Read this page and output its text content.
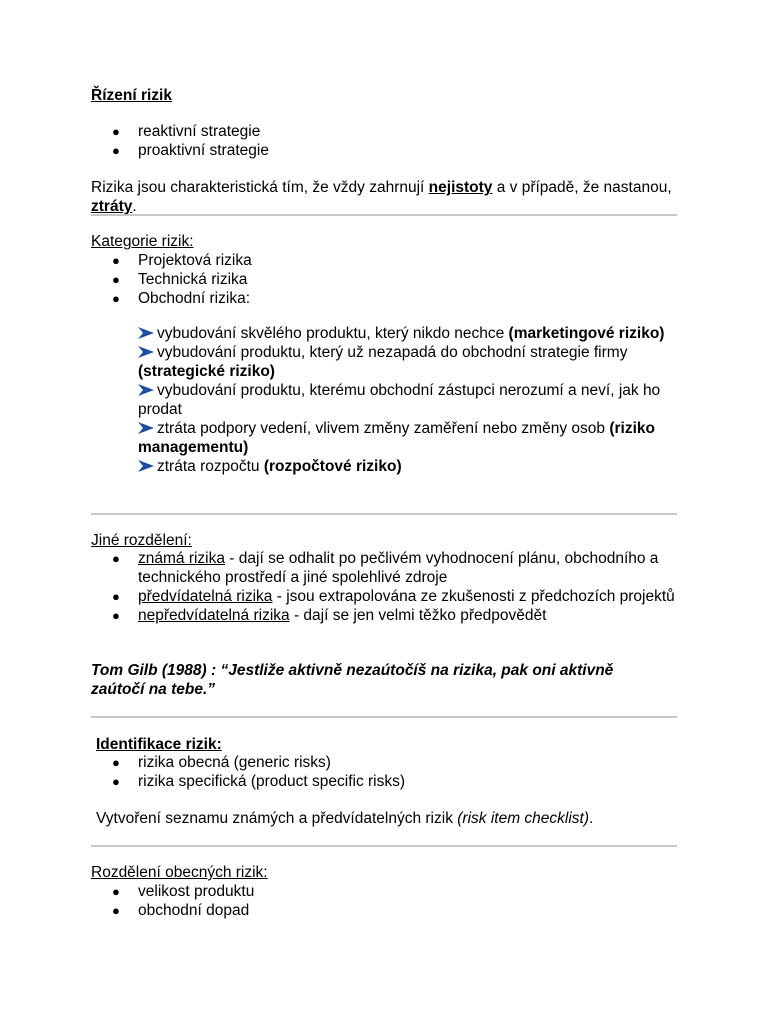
Řízení rizik
● reaktivní strategie
● proaktivní strategie
Rizika jsou charakteristická tím, že vždy zahrnují nejistoty a v případě, že nastanou, ztráty.
Kategorie rizik:
● Projektová rizika
● Technická rizika
● Obchodní rizika:
vybudování skvělého produktu, který nikdo nechce (marketingové riziko)
vybudování produktu, který už nezapadá do obchodní strategie firmy (strategické riziko)
vybudování produktu, kterému obchodní zástupci nerozumí a neví, jak ho prodat
ztráta podpory vedení, vlivem změny zaměření nebo změny osob (riziko managementu)
ztráta rozpočtu (rozpočtové riziko)
Jiné rozdělení:
● známá rizika - dají se odhalit po pečlivém vyhodnocení plánu, obchodního a technického prostředí a jiné spolehlivé zdroje
● předvídatelná rizika - jsou extrapolována ze zkušenosti z předchozích projektů
● nepředvídatelná rizika - dají se jen velmi těžko předpovědět
Tom Gilb (1988) : “Jestliže aktivně nezaútočíš na rizika, pak oni aktivně zaútočí na tebe.”
Identifikace rizik:
● rizika obecná (generic risks)
● rizika specifická (product specific risks)
Vytvoření seznamu známých a předvídatelných rizik (risk item checklist).
Rozdělení obecných rizik:
● velikost produktu
● obchodní dopad
